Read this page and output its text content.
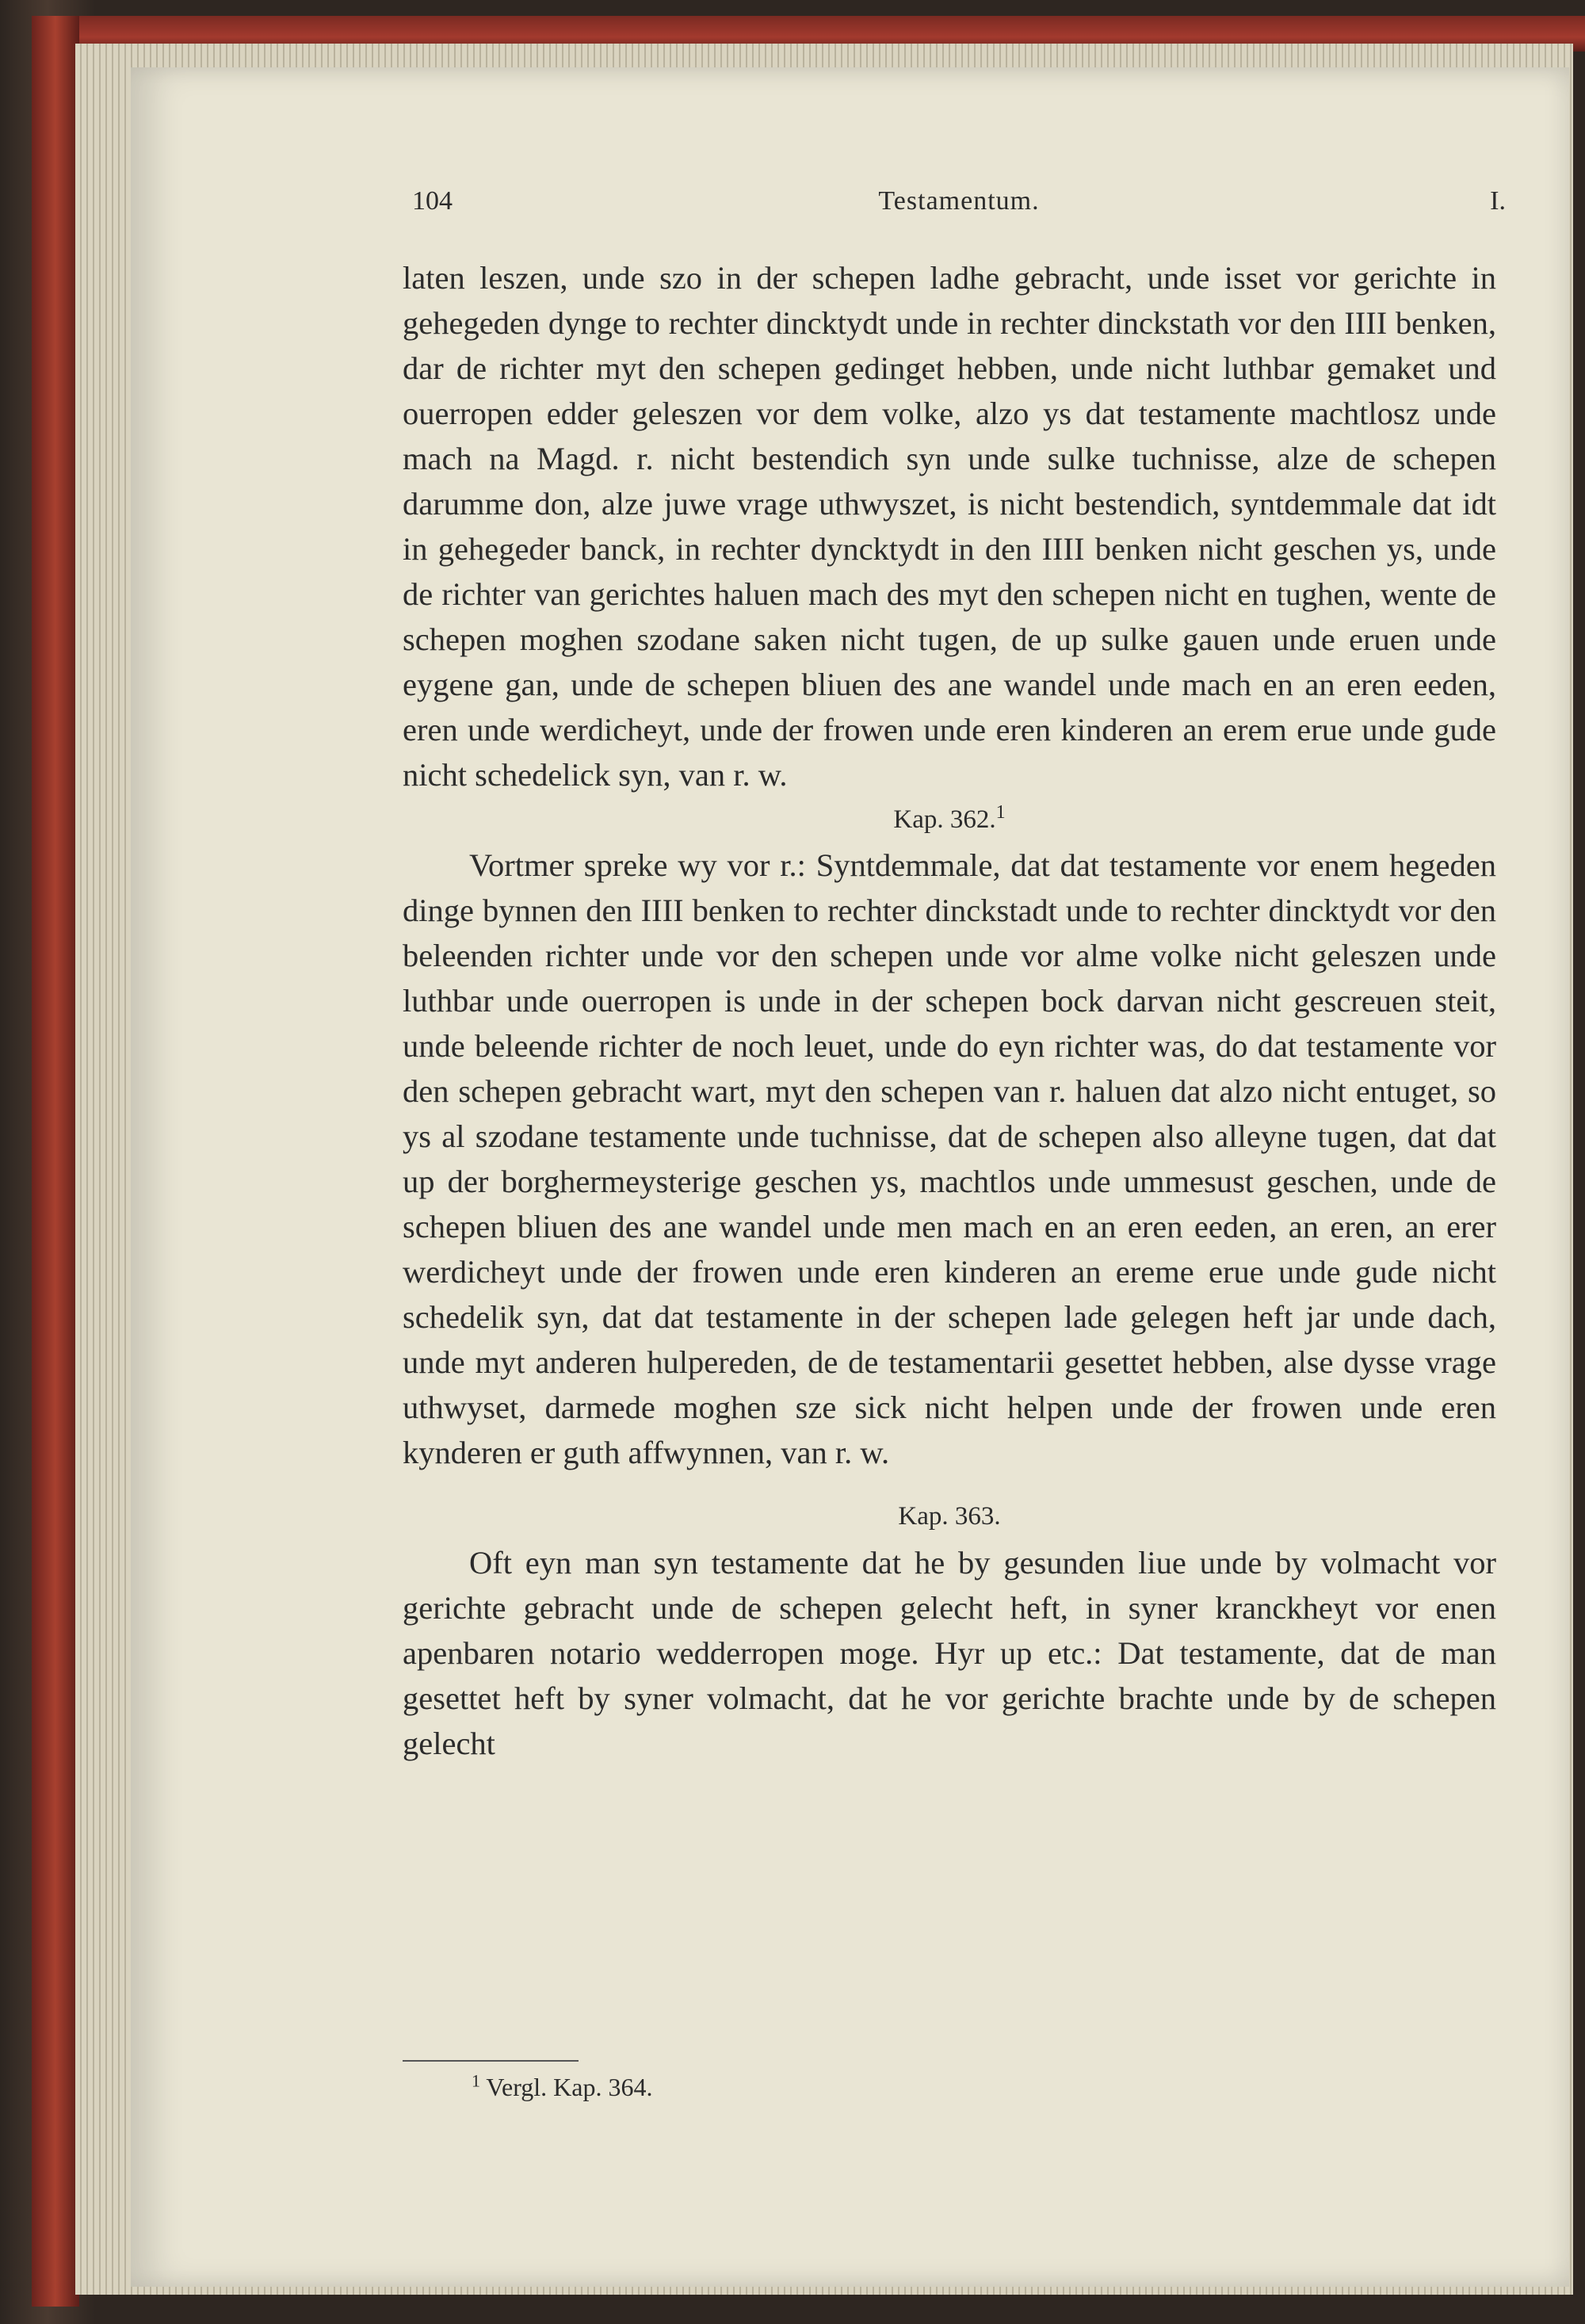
104	Testamentum.	I.

laten leszen, unde szo in der schepen ladhe gebracht, unde isset vor gerichte in gehegeden dynge to rechter dincktydt unde in rechter dinckstath vor den IIII benken, dar de richter myt den schepen gedinget hebben, unde nicht luthbar gemaket und ouerropen edder geleszen vor dem volke, alzo ys dat testamente machtlosz unde mach na Magd. r. nicht bestendich syn unde sulke tuchnisse, alze de schepen darumme don, alze juwe vrage uthwyszet, is nicht bestendich, syntdemmale dat idt in gehegeder banck, in rechter dyncktydt in den IIII benken nicht geschen ys, unde de richter van gerichtes haluen mach des myt den schepen nicht en tughen, wente de schepen moghen szodane saken nicht tugen, de up sulke gauen unde eruen unde eygene gan, unde de schepen bliuen des ane wandel unde mach en an eren eeden, eren unde werdicheyt, unde der frowen unde eren kinderen an erem erue unde gude nicht schedelick syn, van r. w.

Kap. 362.$^1$

Vortmer spreke wy vor r.: Syntdemmale, dat dat testamente vor enem hegeden dinge bynnen den IIII benken to rechter dinckstadt unde to rechter dincktydt vor den beleenden richter unde vor den schepen unde vor alme volke nicht geleszen unde luthbar unde ouerropen is unde in der schepen bock darvan nicht gescreuen steit, unde beleende richter de noch leuet, unde do eyn richter was, do dat testamente vor den schepen gebracht wart, myt den schepen van r. haluen dat alzo nicht entuget, so ys al szodane testamente unde tuchnisse, dat de schepen also alleyne tugen, dat dat up der borghermeysterige geschen ys, machtlos unde ummesust geschen, unde de schepen bliuen des ane wandel unde men mach en an eren eeden, an eren, an erer werdicheyt unde der frowen unde eren kinderen an ereme erue unde gude nicht schedelik syn, dat dat testamente in der schepen lade gelegen heft jar unde dach, unde myt anderen hulpereden, de de testamentarii gesettet hebben, alse dysse vrage uthwyset, darmede moghen sze sick nicht helpen unde der frowen unde eren kynderen er guth affwynnen, van r. w.

Kap. 363.

Oft eyn man syn testamente dat he by gesunden liue unde by volmacht vor gerichte gebracht unde de schepen gelecht heft, in syner kranckheyt vor enen apenbaren notario wedderropen moge. Hyr up etc.: Dat testamente, dat de man gesettet heft by syner volmacht, dat he vor gerichte brachte unde by de schepen gelecht

$^1$ Vergl. Kap. 364.
